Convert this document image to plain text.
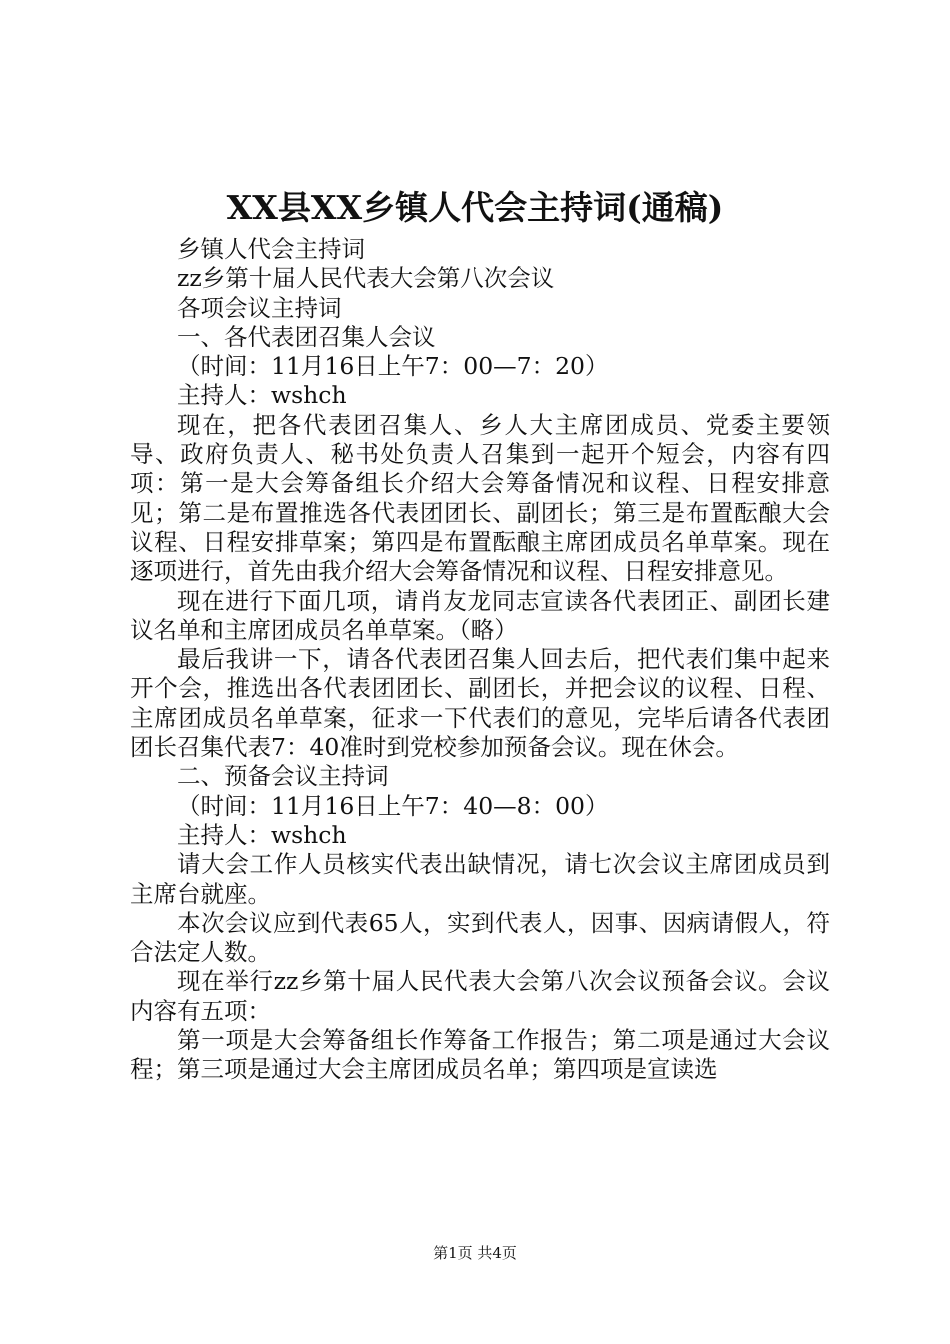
XX县XX乡镇人代会主持词(通稿)

乡镇人代会主持词

zz乡第十届人民代表大会第八次会议

各项会议主持词

一、各代表团召集人会议

（时间：11月16日上午7：00—7：20）

主持人：wshch

现在，把各代表团召集人、乡人大主席团成员、党委主要领导、政府负责人、秘书处负责人召集到一起开个短会，内容有四项：第一是大会筹备组长介绍大会筹备情况和议程、日程安排意见；第二是布置推选各代表团团长、副团长；第三是布置酝酿大会议程、日程安排草案；第四是布置酝酿主席团成员名单草案。现在逐项进行，首先由我介绍大会筹备情况和议程、日程安排意见。

现在进行下面几项，请肖友龙同志宣读各代表团正、副团长建议名单和主席团成员名单草案。（略）

最后我讲一下，请各代表团召集人回去后，把代表们集中起来开个会，推选出各代表团团长、副团长，并把会议的议程、日程、主席团成员名单草案，征求一下代表们的意见，完毕后请各代表团团长召集代表7：40准时到党校参加预备会议。现在休会。

二、预备会议主持词

（时间：11月16日上午7：40—8：00）

主持人：wshch

请大会工作人员核实代表出缺情况，请七次会议主席团成员到主席台就座。

本次会议应到代表65人，实到代表人，因事、因病请假人，符合法定人数。

现在举行zz乡第十届人民代表大会第八次会议预备会议。会议内容有五项：

第一项是大会筹备组长作筹备工作报告；第二项是通过大会议程；第三项是通过大会主席团成员名单；第四项是宣读选

第1页 共4页
